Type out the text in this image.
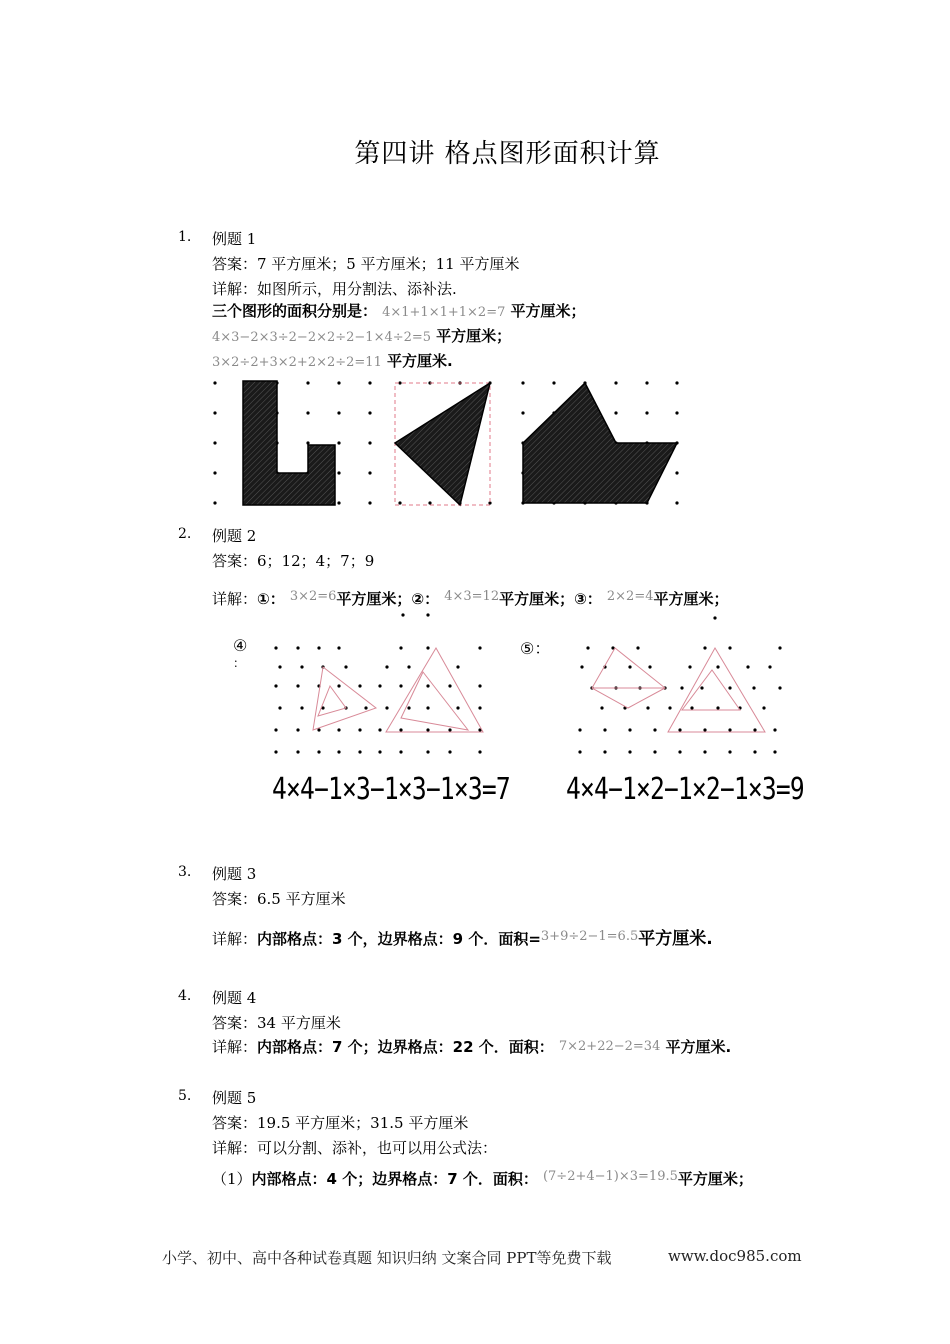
第四讲 格点图形面积计算
1. 例题 1
答案：7 平方厘米；5 平方厘米；11 平方厘米
详解：如图所示，用分割法、添补法.
三个图形的面积分别是： 4×1+1×1+1×2=7 平方厘米；
4×3−2×3÷2−2×2÷2−1×4÷2=5 平方厘米；
3×2÷2+3×2+2×2÷2=11 平方厘米.
2. 例题 2
答案：6；12；4；7；9
详解：①： $^{3\times 2=6}$平方厘米；②： $^{4\times 3=12}$平方厘米；③： $^{2\times 2=4}$平方厘米；
④
：
⑤：
4×4−1×3−1×3−1×3=7 4×4−1×2−1×2−1×3=9
3. 例题 3
答案：6.5 平方厘米
详解：内部格点：3 个，边界格点：9 个．面积=$^{3+9\div 2-1=6.5}$平方厘米.
4. 例题 4
答案：34 平方厘米
详解：内部格点：7 个；边界格点：22 个．面积： 7×2+22−2=34 平方厘米.
5. 例题 5
答案：19.5 平方厘米；31.5 平方厘米
详解：可以分割、添补，也可以用公式法：
（1）内部格点：4 个；边界格点：7 个．面积： $^{(7\div 2+4-1)\times 3=19.5}$平方厘米；
小学、初中、高中各种试卷真题 知识归纳 文案合同 PPT等免费下载	www.doc985.com
